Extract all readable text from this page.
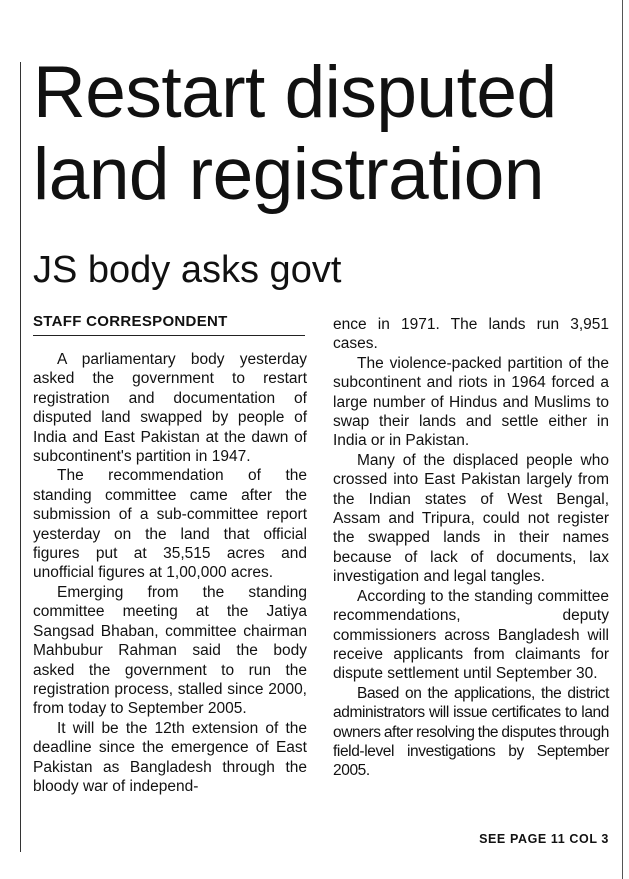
Restart disputed
land registration
JS body asks govt
STAFF CORRESPONDENT

A parliamentary body yesterday asked the government to restart registration and documentation of disputed land swapped by people of India and East Pakistan at the dawn of subcontinent's partition in 1947.

The recommendation of the standing committee came after the submission of a sub-committee report yesterday on the land that official figures put at 35,515 acres and unofficial figures at 1,00,000 acres.

Emerging from the standing committee meeting at the Jatiya Sangsad Bhaban, committee chairman Mahbubur Rahman said the body asked the government to run the registration process, stalled since 2000, from today to September 2005.

It will be the 12th extension of the deadline since the emergence of East Pakistan as Bangladesh through the bloody war of independ-

ence in 1971. The lands run 3,951 cases.

The violence-packed partition of the subcontinent and riots in 1964 forced a large number of Hindus and Muslims to swap their lands and settle either in India or in Pakistan.

Many of the displaced people who crossed into East Pakistan largely from the Indian states of West Bengal, Assam and Tripura, could not register the swapped lands in their names because of lack of documents, lax investigation and legal tangles.

According to the standing committee recommendations, deputy commissioners across Bangladesh will receive applicants from claimants for dispute settlement until September 30.

Based on the applications, the district administrators will issue certificates to land owners after resolving the disputes through field-level investigations by September 2005.

SEE PAGE 11 COL 3
